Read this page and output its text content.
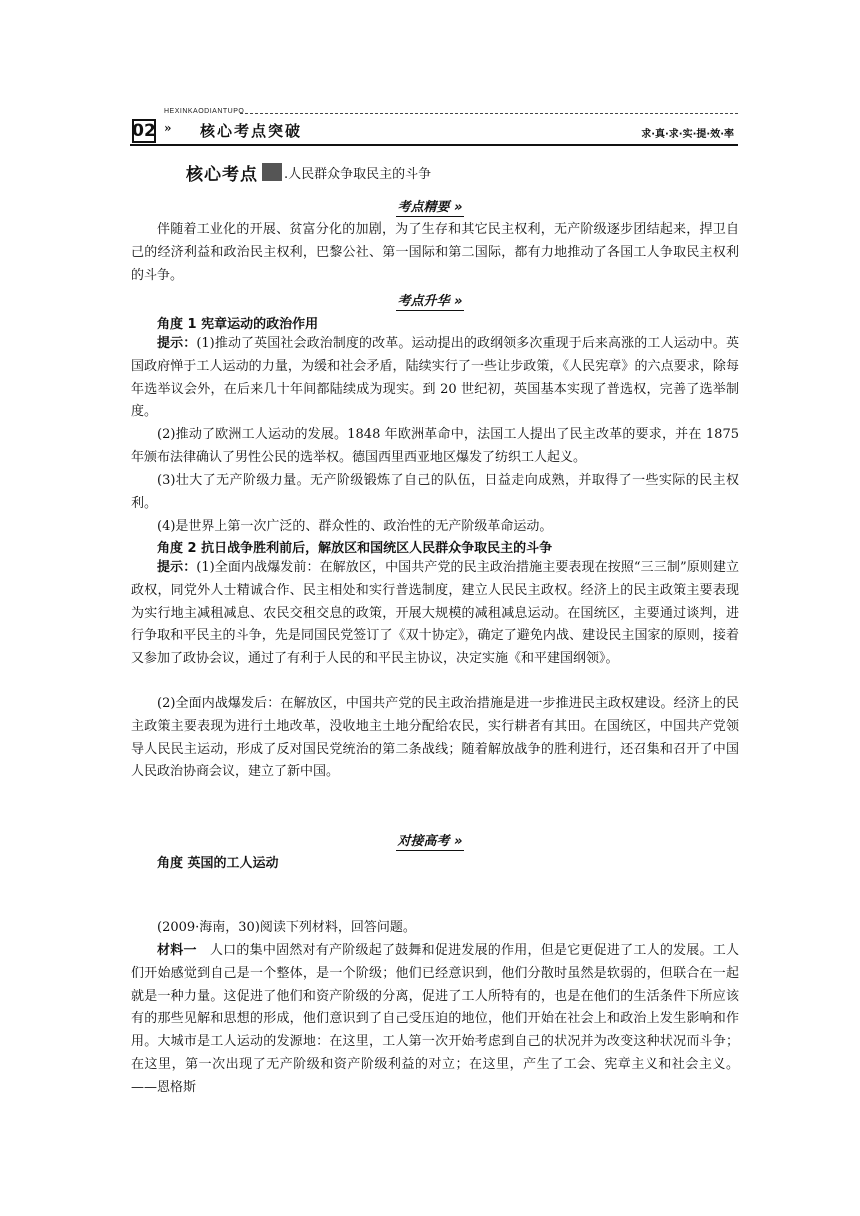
02
HEXINKAODIANTUPO
» 核心考点突破	求·真·求·实·提·效·率
核心考点 .人民群众争取民主的斗争
考点精要 »

伴随着工业化的开展、贫富分化的加剧，为了生存和其它民主权利，无产阶级逐步团结起来，捍卫自己的经济利益和政治民主权利，巴黎公社、第一国际和第二国际，都有力地推动了各国工人争取民主权利的斗争。

考点升华 »
角度 1 宪章运动的政治作用

提示：(1)推动了英国社会政治制度的改革。运动提出的政纲领多次重现于后来高涨的工人运动中。英国政府惮于工人运动的力量，为缓和社会矛盾，陆续实行了一些让步政策，《人民宪章》的六点要求，除每年选举议会外，在后来几十年间都陆续成为现实。到 20 世纪初，英国基本实现了普选权，完善了选举制度。

(2)推动了欧洲工人运动的发展。1848 年欧洲革命中，法国工人提出了民主改革的要求，并在 1875 年颁布法律确认了男性公民的选举权。德国西里西亚地区爆发了纺织工人起义。

(3)壮大了无产阶级力量。无产阶级锻炼了自己的队伍，日益走向成熟，并取得了一些实际的民主权利。

(4)是世界上第一次广泛的、群众性的、政治性的无产阶级革命运动。

角度 2 抗日战争胜利前后，解放区和国统区人民群众争取民主的斗争

提示：(1)全面内战爆发前：在解放区，中国共产党的民主政治措施主要表现在按照“三三制”原则建立政权，同党外人士精诚合作、民主相处和实行普选制度，建立人民民主政权。经济上的民主政策主要表现为实行地主减租减息、农民交租交息的政策，开展大规模的减租减息运动。在国统区，主要通过谈判，进行争取和平民主的斗争，先是同国民党签订了《双十协定》，确定了避免内战、建设民主国家的原则，接着又参加了政协会议，通过了有利于人民的和平民主协议，决定实施《和平建国纲领》。

(2)全面内战爆发后：在解放区，中国共产党的民主政治措施是进一步推进民主政权建设。经济上的民主政策主要表现为进行土地改革，没收地主土地分配给农民，实行耕者有其田。在国统区，中国共产党领导人民民主运动，形成了反对国民党统治的第二条战线；随着解放战争的胜利进行，还召集和召开了中国人民政治协商会议，建立了新中国。

对接高考 »
角度 英国的工人运动

(2009·海南，30)阅读下列材料，回答问题。

材料一　人口的集中固然对有产阶级起了鼓舞和促进发展的作用，但是它更促进了工人的发展。工人们开始感觉到自己是一个整体，是一个阶级；他们已经意识到，他们分散时虽然是软弱的，但联合在一起就是一种力量。这促进了他们和资产阶级的分离，促进了工人所特有的，也是在他们的生活条件下所应该有的那些见解和思想的形成，他们意识到了自己受压迫的地位，他们开始在社会上和政治上发生影响和作用。大城市是工人运动的发源地：在这里，工人第一次开始考虑到自己的状况并为改变这种状况而斗争；在这里，第一次出现了无产阶级和资产阶级利益的对立；在这里，产生了工会、宪章主义和社会主义。——恩格斯
